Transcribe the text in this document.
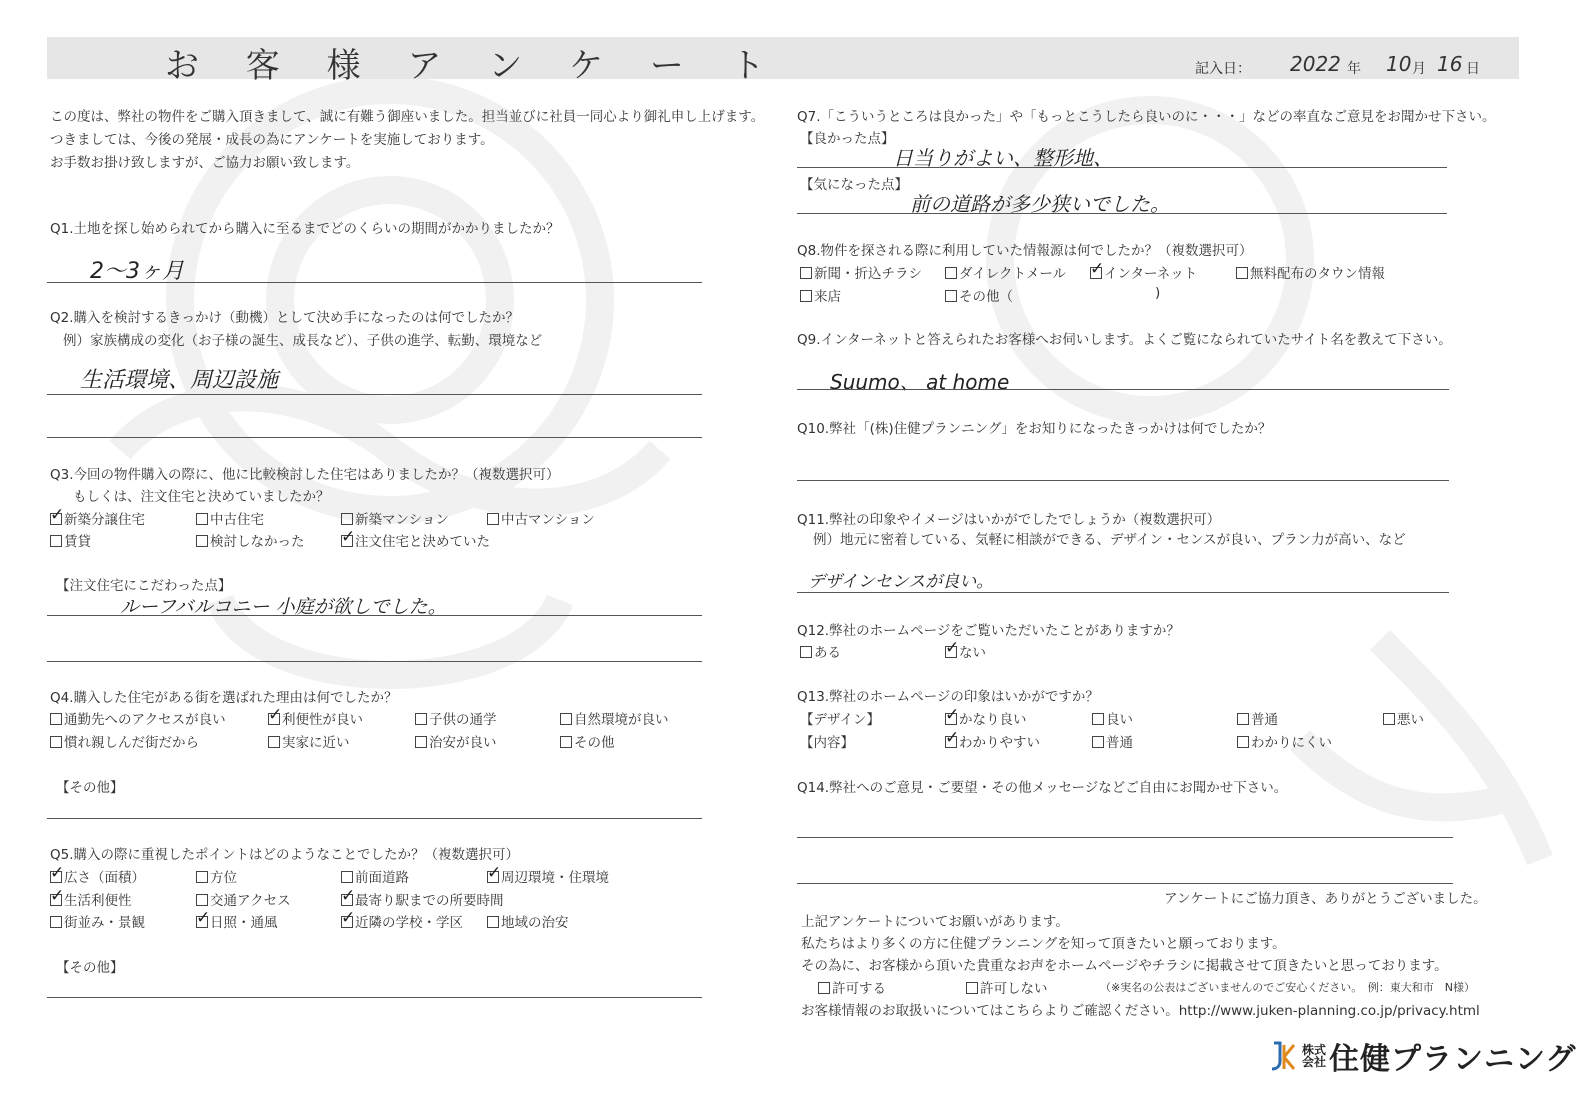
お 客 様 ア ン ケ ー ト	記入日： 2022 年 10 月 16 日
この度は、弊社の物件をご購入頂きまして、誠に有難う御座いました。担当並びに社員一同心より御礼申し上げます。
つきましては、今後の発展・成長の為にアンケートを実施しております。
お手数お掛け致しますが、ご協力お願い致します。
Q1.土地を探し始められてから購入に至るまでどのくらいの期間がかかりましたか？
2～3ヶ月
Q2.購入を検討するきっかけ（動機）として決め手になったのは何でしたか？
例）家族構成の変化（お子様の誕生、成長など）、子供の進学、転勤、環境など
生活環境、周辺設施
Q3.今回の物件購入の際に、他に比較検討した住宅はありましたか？（複数選択可）
もしくは、注文住宅と決めていましたか？
✓新築分譲住宅	中古住宅	新築マンション	中古マンション
賃貸	検討しなかった ✓	注文住宅と決めていた
【注文住宅にこだわった点】
ルーフバルコニー 小庭が欲しでした。
Q4.購入した住宅がある街を選ばれた理由は何でしたか？
通勤先へのアクセスが良い ✓	利便性が良い	子供の通学	自然環境が良い
慣れ親しんだ街だから	実家に近い	治安が良い	その他
【その他】
Q5.購入の際に重視したポイントはどのようなことでしたか？（複数選択可）
✓広さ（面積）	方位	前面道路 ✓	周辺環境・住環境
✓生活利便性	交通アクセス ✓	最寄り駅までの所要時間
街並み・景観 ✓	日照・通風 ✓	近隣の学校・学区	地域の治安
【その他】
Q7.「こういうところは良かった」や「もっとこうしたら良いのに・・・」などの率直なご意見をお聞かせ下さい。
【良かった点】
日当りがよい、整形地、
【気になった点】
前の道路が多少狭いでした。
Q8.物件を探される際に利用していた情報源は何でしたか？（複数選択可）
新聞・折込チラシ	ダイレクトメール ✓	インターネット	無料配布のタウン情報
来店	その他（	)
Q9.インターネットと答えられたお客様へお伺いします。よくご覧になられていたサイト名を教えて下さい。
Suumo、 at home
Q10.弊社「(株)住健プランニング」をお知りになったきっかけは何でしたか？
Q11.弊社の印象やイメージはいかがでしたでしょうか（複数選択可）
例）地元に密着している、気軽に相談ができる、デザイン・センスが良い、プラン力が高い、など
デザインセンスが良い。
Q12.弊社のホームページをご覧いただいたことがありますか？
ある ✓	ない
Q13.弊社のホームページの印象はいかがですか？
【デザイン】 ✓	かなり良い	良い	普通	悪い
【内容】 ✓	わかりやすい	普通	わかりにくい
Q14.弊社へのご意見・ご要望・その他メッセージなどご自由にお聞かせ下さい。
アンケートにご協力頂き、ありがとうございました。
上記アンケートについてお願いがあります。
私たちはより多くの方に住健プランニングを知って頂きたいと願っております。
その為に、お客様から頂いた貴重なお声をホームページやチラシに掲載させて頂きたいと思っております。
許可する	許可しない	（※実名の公表はございませんのでご安心ください。　例：東大和市　N様）
お客様情報のお取扱いについてはこちらよりご確認ください。http://www.juken-planning.co.jp/privacy.html
株式会社 住健プランニング
